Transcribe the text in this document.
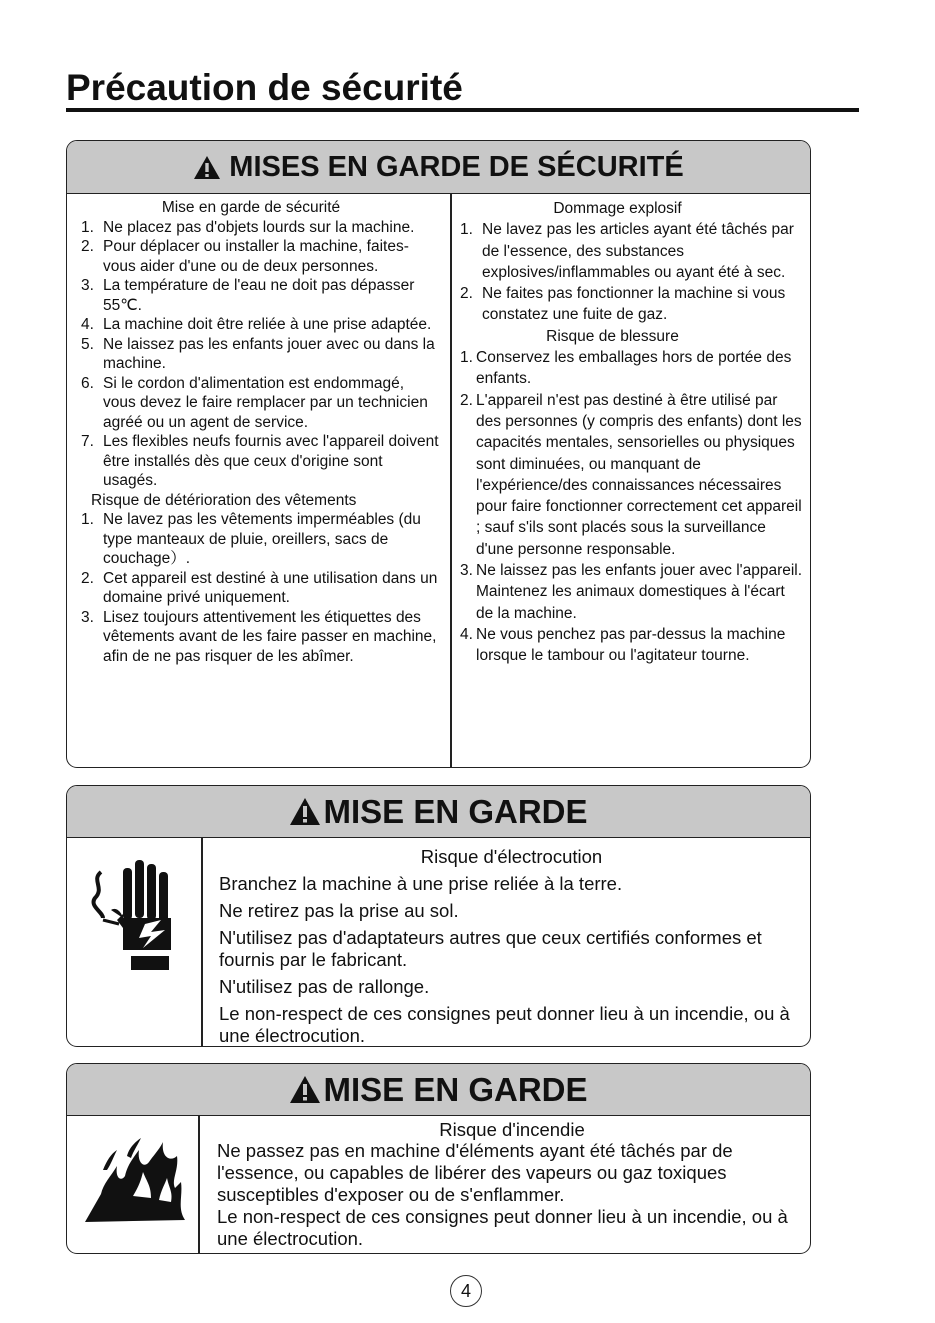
Précaution de sécurité
MISES EN GARDE DE SÉCURITÉ
Mise en garde de sécurité
1. Ne placez pas d'objets lourds sur la machine.
2. Pour déplacer ou installer la machine, faites-vous aider d'une ou de deux personnes.
3. La température de l'eau ne doit pas dépasser 55℃.
4. La machine doit être reliée à une prise adaptée.
5. Ne laissez pas les enfants jouer avec ou dans la machine.
6. Si le cordon d'alimentation est endommagé, vous devez le faire remplacer par un technicien agréé ou un agent de service.
7. Les flexibles neufs fournis avec l'appareil doivent être installés dès que ceux d'origine sont usagés.
Risque de détérioration des vêtements
1. Ne lavez pas les vêtements imperméables (du type manteaux de pluie, oreillers, sacs de couchage）.
2. Cet appareil est destiné à une utilisation dans un domaine privé uniquement.
3. Lisez toujours attentivement les étiquettes des vêtements avant de les faire passer en machine, afin de ne pas risquer de les abîmer.
Dommage explosif
1. Ne lavez pas les articles ayant été tâchés par de l'essence, des substances explosives/inflammables ou ayant été à sec.
2. Ne faites pas fonctionner la machine si vous constatez une fuite de gaz.
Risque de blessure
1. Conservez les emballages hors de portée des enfants.
2. L'appareil n'est pas destiné à être utilisé par des personnes (y compris des enfants) dont les capacités mentales, sensorielles ou physiques sont diminuées, ou manquant de l'expérience/des connaissances nécessaires pour faire fonctionner correctement cet appareil ; sauf s'ils sont placés sous la surveillance d'une personne responsable.
3. Ne laissez pas les enfants jouer avec l'appareil.
Maintenez les animaux domestiques à l'écart de la machine.
4. Ne vous penchez pas par-dessus la machine lorsque le tambour ou l'agitateur tourne.
MISE EN GARDE

Risque d'électrocution

Branchez la machine à une prise reliée à la terre.

Ne retirez pas la prise au sol.

N'utilisez pas d'adaptateurs autres que ceux certifiés conformes et fournis par le fabricant.

N'utilisez pas de rallonge.

Le non-respect de ces consignes peut donner lieu à un incendie, ou à une électrocution.

MISE EN GARDE

Risque d'incendie

Ne passez pas en machine d'éléments ayant été tâchés par de l'essence, ou capables de libérer des vapeurs ou gaz toxiques susceptibles d'exposer ou de s'enflammer.

Le non-respect de ces consignes peut donner lieu à un incendie, ou à une électrocution.

4
